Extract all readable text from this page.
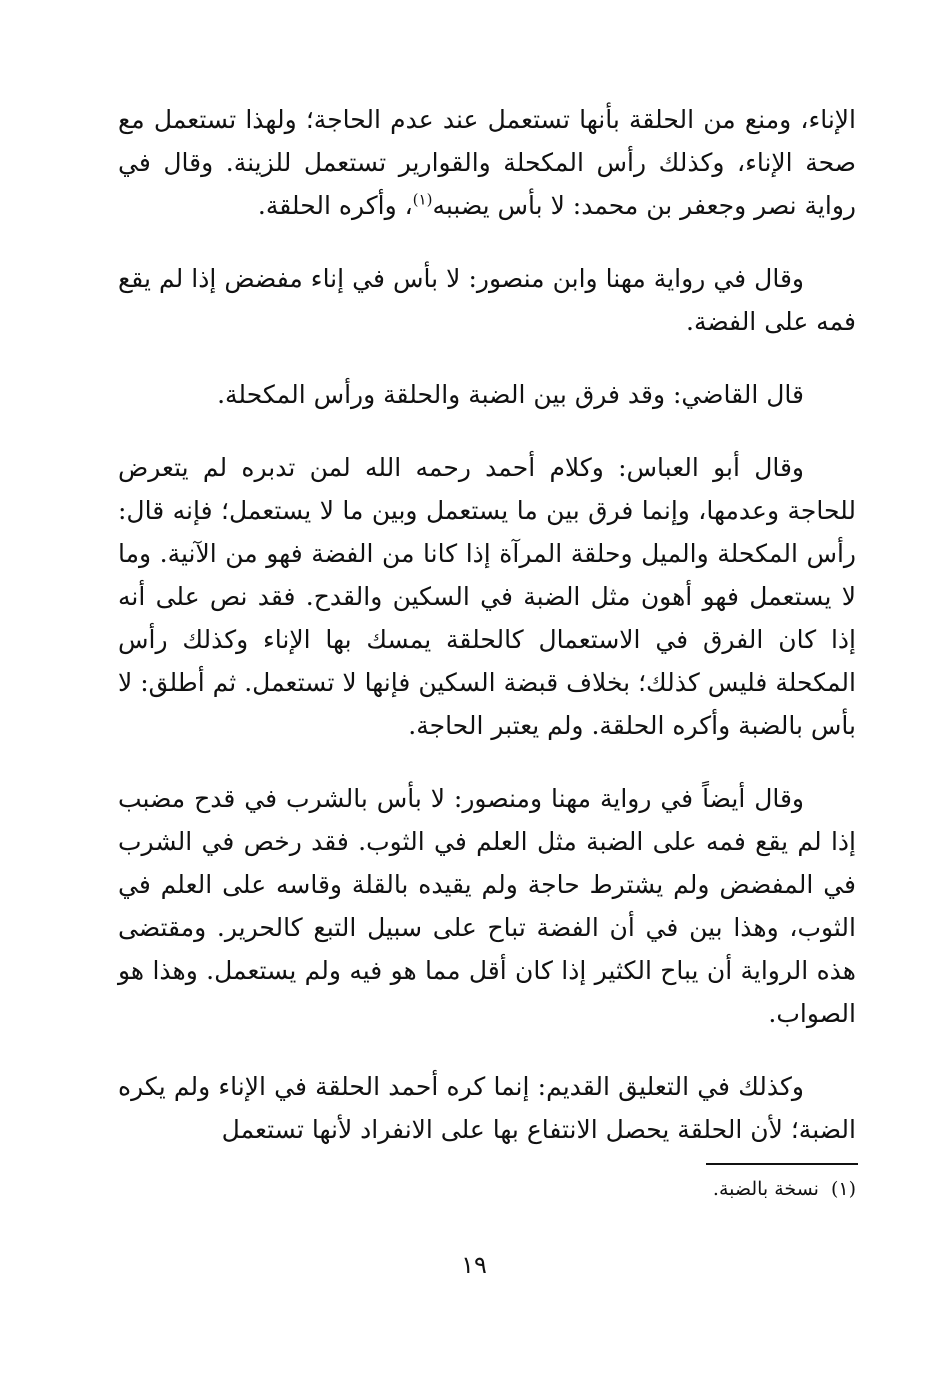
الإناء، ومنع من الحلقة بأنها تستعمل عند عدم الحاجة؛ ولهذا تستعمل مع صحة الإناء، وكذلك رأس المكحلة والقوارير تستعمل للزينة. وقال في رواية نصر وجعفر بن محمد: لا بأس يضببه$^{(١)}$، وأكره الحلقة.

وقال في رواية مهنا وابن منصور: لا بأس في إناء مفضض إذا لم يقع فمه على الفضة.

قال القاضي: وقد فرق بين الضبة والحلقة ورأس المكحلة.

وقال أبو العباس: وكلام أحمد رحمه الله لمن تدبره لم يتعرض للحاجة وعدمها، وإنما فرق بين ما يستعمل وبين ما لا يستعمل؛ فإنه قال: رأس المكحلة والميل وحلقة المرآة إذا كانا من الفضة فهو من الآنية. وما لا يستعمل فهو أهون مثل الضبة في السكين والقدح. فقد نص على أنه إذا كان الفرق في الاستعمال كالحلقة يمسك بها الإناء وكذلك رأس المكحلة فليس كذلك؛ بخلاف قبضة السكين فإنها لا تستعمل. ثم أطلق: لا بأس بالضبة وأكره الحلقة. ولم يعتبر الحاجة.

وقال أيضاً في رواية مهنا ومنصور: لا بأس بالشرب في قدح مضبب إذا لم يقع فمه على الضبة مثل العلم في الثوب. فقد رخص في الشرب في المفضض ولم يشترط حاجة ولم يقيده بالقلة وقاسه على العلم في الثوب، وهذا بين في أن الفضة تباح على سبيل التبع كالحرير. ومقتضى هذه الرواية أن يباح الكثير إذا كان أقل مما هو فيه ولم يستعمل. وهذا هو الصواب.

وكذلك في التعليق القديم: إنما كره أحمد الحلقة في الإناء ولم يكره الضبة؛ لأن الحلقة يحصل الانتفاع بها على الانفراد لأنها تستعمل

(١)نسخة بالضبة.
١٩
